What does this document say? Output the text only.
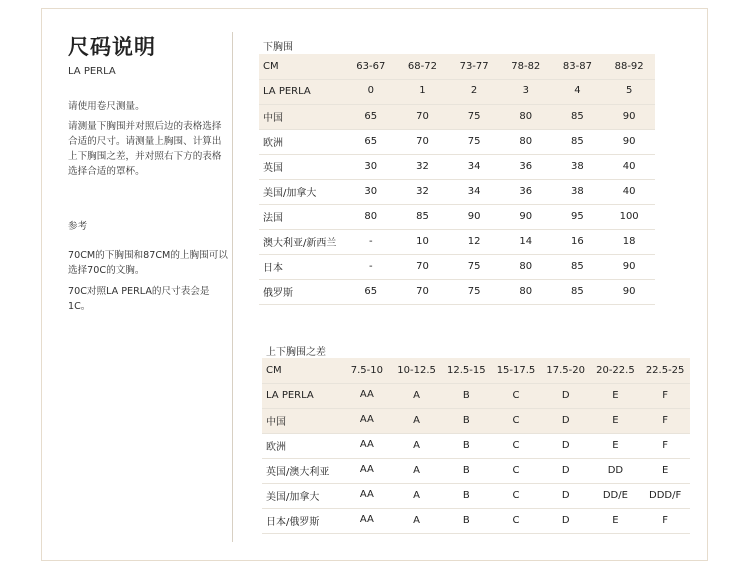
尺码说明
LA PERLA

请使用卷尺测量。

请测量下胸围并对照后边的表格选择合适的尺寸。请测量上胸围、计算出上下胸围之差，并对照右下方的表格选择合适的罩杯。

参考

70CM的下胸围和87CM的上胸围可以选择70C的文胸。

70C对照LA PERLA的尺寸表会是1C。

下胸围
CM	63-67	68-72	73-77	78-82	83-87	88-92
LA PERLA	0	1	2	3	4	5
中国	65	70	75	80	85	90
欧洲	65	70	75	80	85	90
英国	30	32	34	36	38	40
美国/加拿大	30	32	34	36	38	40
法国	80	85	90	90	95	100
澳大利亚/新西兰	-	10	12	14	16	18
日本	-	70	75	80	85	90
俄罗斯	65	70	75	80	85	90
上下胸围之差
CM	7.5-10	10-12.5	12.5-15	15-17.5	17.5-20	20-22.5	22.5-25
LA PERLA	AA	A	B	C	D	E	F
中国	AA	A	B	C	D	E	F
欧洲	AA	A	B	C	D	E	F
英国/澳大利亚	AA	A	B	C	D	DD	E
美国/加拿大	AA	A	B	C	D	DD/E	DDD/F
日本/俄罗斯	AA	A	B	C	D	E	F
